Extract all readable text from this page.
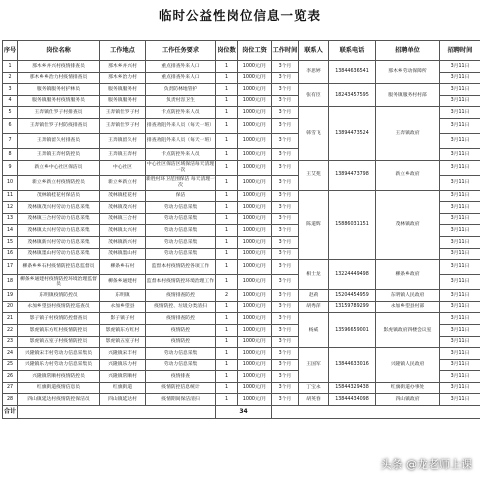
临时公益性岗位信息一览表
序号	岗位名称	工作地点	工作任务要求	岗位数	岗位工资	工作时间	联系人	联系电话	招聘单位	招聘时间
1	那木乡并兴村疫情排查员	那木乡并兴村	重点排查外来人口	1	1000元/月	3个月	李思婷	13844636541	那木乡劳动保障所	3月11日
2	那木乡乡治力村疫情排查员	那木乡治力村	重点排查外来人口	1	1000元/月	3个月				3月11日
3	服务镇服务村护林员	服务镇服务村	负责防林地管护	1	1000元/月	3个月	张有臣	18243457595	服务镇服务村村部	3月11日
4	服务镇服务村疫情服务员	服务镇服务村	负责村容卫生	1	1000元/月	3个月				3月11日
5	王奔镇仕罗子村排查员	王奔镇仕罗子村	卡点防控外来人员	1	1000元/月	3个月	韩雪飞	13894473524	王奔镇政府	3月11日
6	王奔镇仕罗子村防疫排查员	王奔镇仕罗子村	排查劝阻外来人员（每天一班）	1	1000元/月	3个月				3月11日
7	王奔镇留久村排查员	王奔镇留久村	排查劝阻外来人员（每天一班）	1	1000元/月	3个月				3月11日
8	王奔镇王奔村防控员	王奔镇王奔村	卡点防控外来人员	1	1000元/月	3个月				3月11日
9	新立乡中心社区保洁员	中心社区	中心社区保洁区域保洁每天清理一次	1	1000元/月	3个月	王艾苑	13894473798	新立乡政府	3月11日
10	新立乡新立村疫情防控员	新立乡新立村	新胜村环卫范围保洁 每天清理一次	1	1000元/月	3个月				3月11日
11	茂林镇桂花村保洁员	茂林镇桂花村	保洁	1	1000元/月	3个月	陈道辉	15886031151	茂林镇政府	3月11日
12	茂林镇茂兴村劳动力信息采集	茂林镇茂兴村	劳动力信息采集	1	1000元/月	3个月				3月11日
13	茂林镇三合村劳动力信息采集	茂林镇三合村	劳动力信息采集	1	1000元/月	3个月				3月11日
14	茂林镇太兴村劳动力信息采集	茂林镇太兴村	劳动力信息采集	1	1000元/月	3个月				3月11日
15	茂林镇新兴村劳动力信息采集	茂林镇新兴村	劳动力信息采集	1	1000元/月	3个月				3月11日
16	茂林镇墨山村劳动力信息采集	茂林镇墨山村	劳动力信息采集	1	1000元/月	3个月				3月11日
17	柳条乡乡石村疫情防控信息监督员	柳条乡石村	监督本村疫情防控各项工作	1	1000元/月	3个月	相士龙	13224449498	柳条乡政府	3月11日
18	柳条乡通建村疫情防控环境治理监督员	柳条乡通建村	监督本村疫情防控环境治理工作	1	1000元/月	3个月				3月11日
19	东明镇疫情防控员	东明镇	疫情排查防控	2	1000元/月	3个月	赵莉	15204454959	东明镇人民政府	3月11日
20	永加乡望县村疫情防控巡查员	永加乡望县	疫情防控、垃圾分类清扫	1	1000元/月	3个月	胡秀萍	13159789299	永加乡望县村部	3月11日
21	影子镇子村疫情防控督查员	影子镇子村	疫情排查防控	1	1000元/月	3个月	杨威	13596659001	影虎镇政府四楼会议室	3月11日
22	影虎镇东方红村疫情防控员	影虎镇东方红村	疫情防控	1	1000元/月	3个月				3月11日
23	影虎镇五室子村疫情防控员	影虎镇五室子村	疫情防控	1	1000元/月	3个月				3月11日
24	兴隆镇宋丰村劳动力信息采集员	兴隆镇宋丰村	劳动力信息采集	1	1000元/月	3个月	王国军	13844633016	兴隆镇人民政府	3月11日
25	兴隆镇乐力村劳动力信息采集员	兴隆镇乐力村	劳动力信息采集	1	1000元/月	3个月				3月11日
26	兴隆镇常顺村疫情防控员	兴隆镇常顺村	疫情排查	1	1000元/月	3个月				3月11日
27	红旗街道疫情信息员	红旗街道	疫情防控信息统计	1	1000元/月	3个月	丁宝永	15844329438	红旗街道办事处	3月11日
28	四山镇延达村疫情防控保洁员	四山镇延达村	疫情期间保洁清扫	1	1000元/月	3个月	胡英春	13844434098	四山镇政府	3月11日
合计				34						
头条 @龙老师上课
